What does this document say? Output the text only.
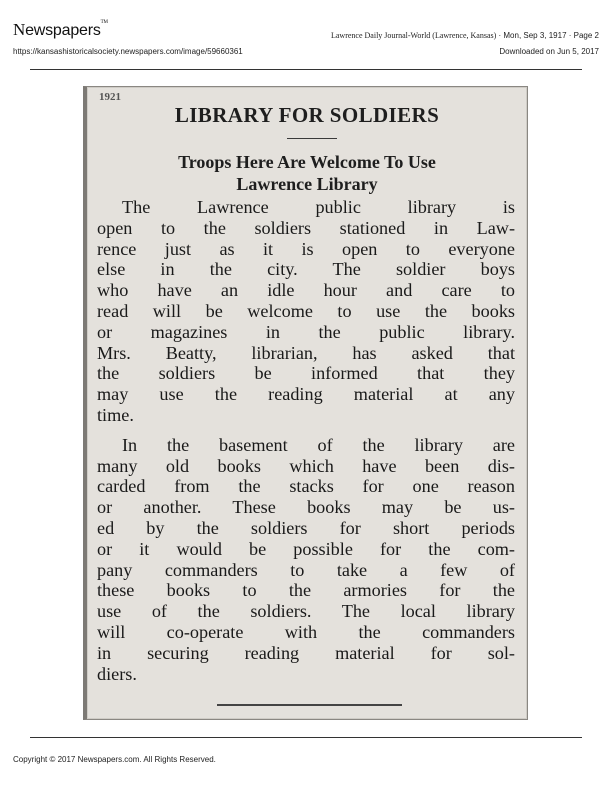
Newspapers™
Lawrence Daily Journal-World (Lawrence, Kansas) · Mon, Sep 3, 1917 · Page 2
https://kansashistoricalsociety.newspapers.com/image/59660361	Downloaded on Jun 5, 2017
1921
LIBRARY FOR SOLDIERS
Troops Here Are Welcome To Use
Lawrence Library
The Lawrence public library is
open to the soldiers stationed in Law-
rence just as it is open to everyone
else in the city. The soldier boys
who have an idle hour and care to
read will be welcome to use the books
or magazines in the public library.
Mrs. Beatty, librarian, has asked that
the soldiers be informed that they
may use the reading material at any
time.
In the basement of the library are
many old books which have been dis-
carded from the stacks for one reason
or another. These books may be us-
ed by the soldiers for short periods
or it would be possible for the com-
pany commanders to take a few of
these books to the armories for the
use of the soldiers. The local library
will co-operate with the commanders
in securing reading material for sol-
diers.
Copyright © 2017 Newspapers.com. All Rights Reserved.
